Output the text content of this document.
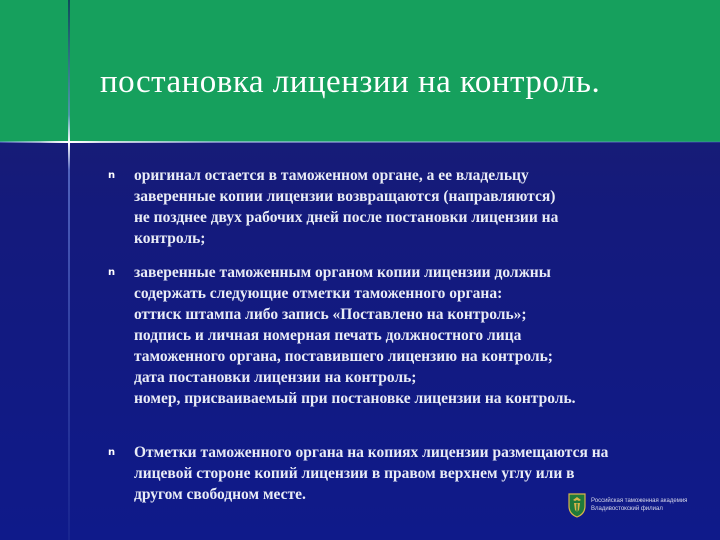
постановка лицензии на контроль.
n	оригинал остается в таможенном органе, а ее владельцу
заверенные копии лицензии возвращаются (направляются)
не позднее двух рабочих дней после постановки лицензии на
контроль;
n	заверенные таможенным органом копии лицензии должны
содержать следующие отметки таможенного органа:
оттиск штампа либо запись «Поставлено на контроль»;
подпись и личная номерная печать должностного лица
таможенного органа, поставившего лицензию на контроль;
дата постановки лицензии на контроль;
номер, присваиваемый при постановке лицензии на контроль.
n	Отметки таможенного органа на копиях лицензии размещаются на
лицевой стороне копий лицензии в правом верхнем углу или в
другом свободном месте.	Российская таможенная академия
Владивостокский филиал
